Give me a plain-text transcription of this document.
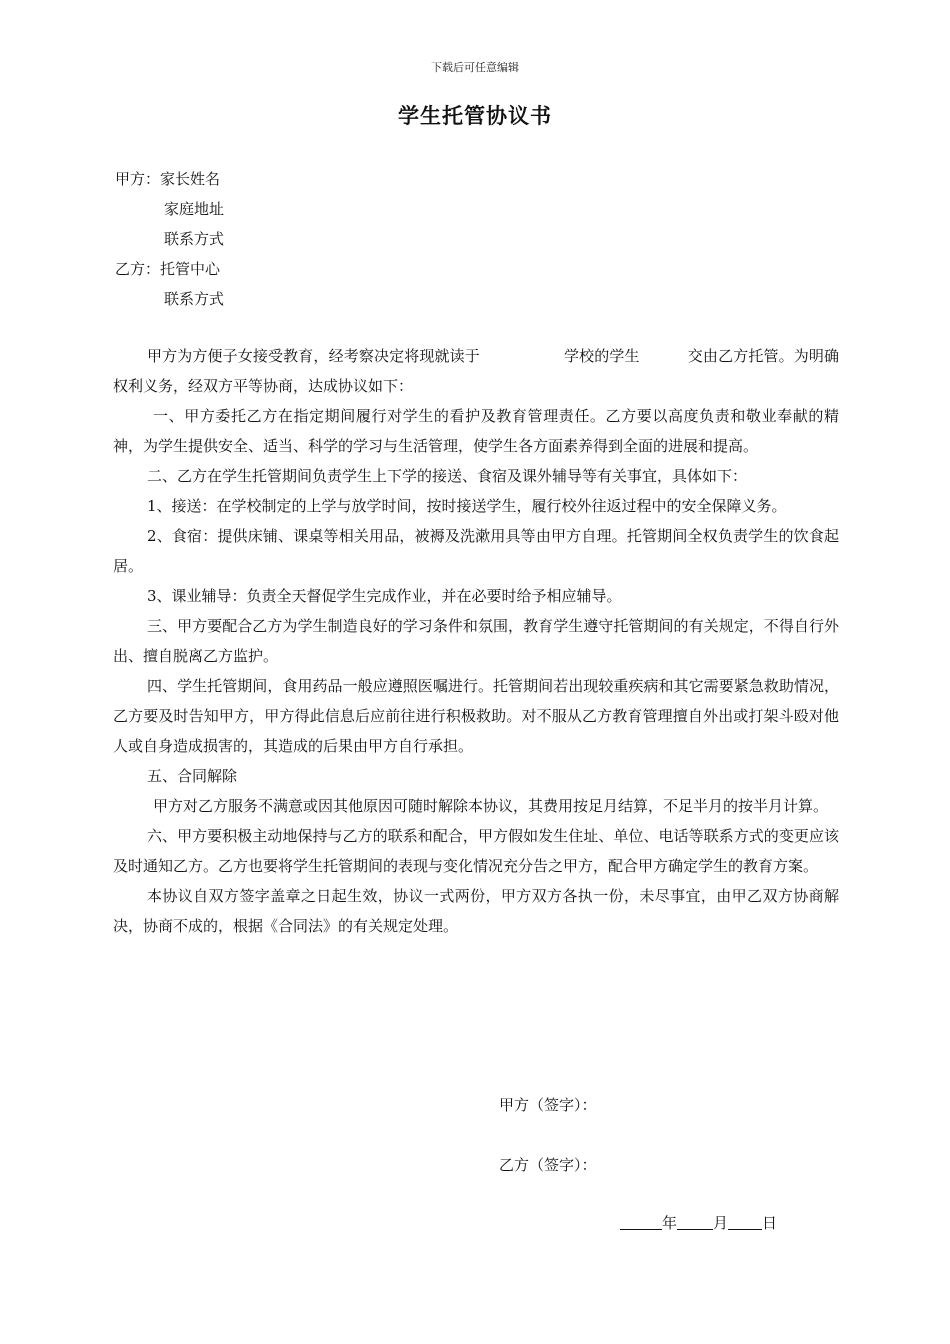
下载后可任意编辑
学生托管协议书
甲方：家长姓名
家庭地址
联系方式
乙方：托管中心
联系方式

甲方为方便子女接受教育，经考察决定将现就读于	学校的学生	交由乙方托管。为明确权利义务，经双方平等协商，达成协议如下：

一、甲方委托乙方在指定期间履行对学生的看护及教育管理责任。乙方要以高度负责和敬业奉献的精神，为学生提供安全、适当、科学的学习与生活管理，使学生各方面素养得到全面的进展和提高。

二、乙方在学生托管期间负责学生上下学的接送、食宿及课外辅导等有关事宜，具体如下：

1、接送：在学校制定的上学与放学时间，按时接送学生，履行校外往返过程中的安全保障义务。

2、食宿：提供床铺、课桌等相关用品，被褥及洗漱用具等由甲方自理。托管期间全权负责学生的饮食起居。

3、课业辅导：负责全天督促学生完成作业，并在必要时给予相应辅导。

三、甲方要配合乙方为学生制造良好的学习条件和氛围，教育学生遵守托管期间的有关规定，不得自行外出、擅自脱离乙方监护。

四、学生托管期间，食用药品一般应遵照医嘱进行。托管期间若出现较重疾病和其它需要紧急救助情况，乙方要及时告知甲方，甲方得此信息后应前往进行积极救助。对不服从乙方教育管理擅自外出或打架斗殴对他人或自身造成损害的，其造成的后果由甲方自行承担。

五、合同解除

甲方对乙方服务不满意或因其他原因可随时解除本协议，其费用按足月结算，不足半月的按半月计算。

六、甲方要积极主动地保持与乙方的联系和配合，甲方假如发生住址、单位、电话等联系方式的变更应该及时通知乙方。乙方也要将学生托管期间的表现与变化情况充分告之甲方，配合甲方确定学生的教育方案。

本协议自双方签字盖章之日起生效，协议一式两份，甲方双方各执一份，未尽事宜，由甲乙双方协商解决，协商不成的，根据《合同法》的有关规定处理。

甲方（签字）：
乙方（签字）：
年 月 日
